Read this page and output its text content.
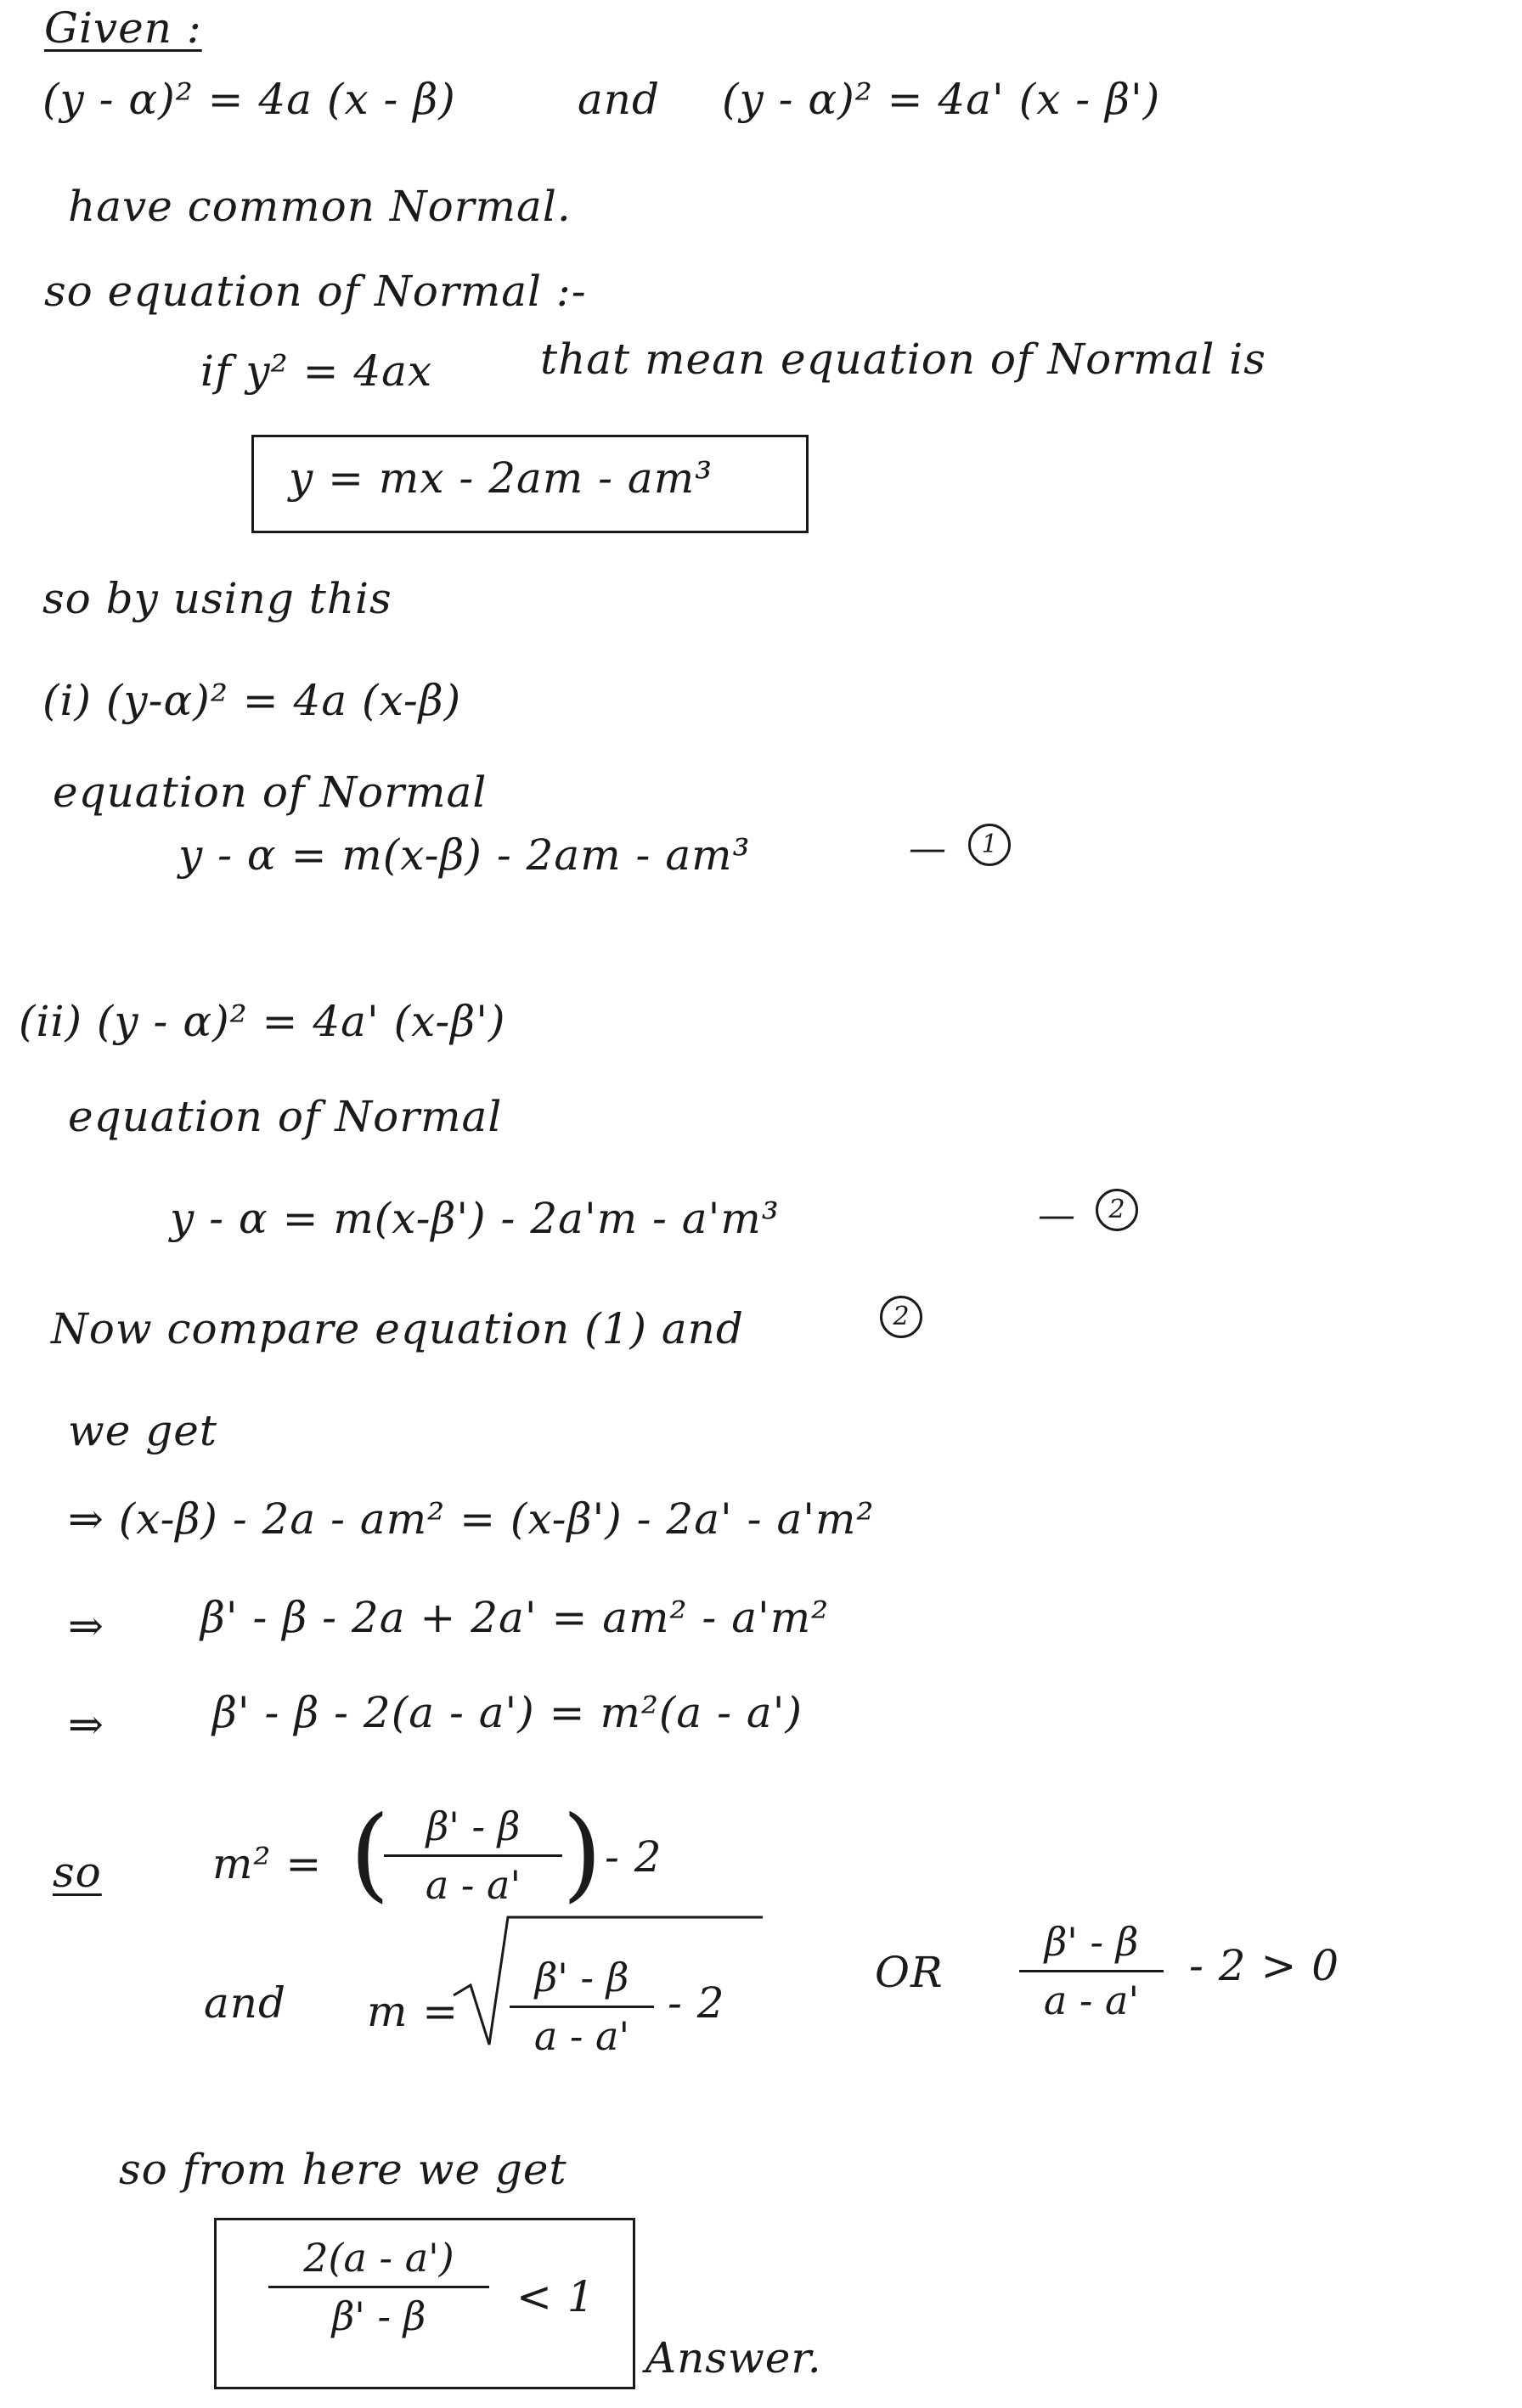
Given :
(y - α)² = 4a (x - β)	and (y - α)² = 4a' (x - β')
have common Normal.
so equation of Normal :-
if y² = 4ax	that mean equation of Normal is
y = mx - 2am - am³
so by using this
(i) (y-α)² = 4a (x-β)
equation of Normal
y - α = m(x-β) - 2am - am³	—	1
(ii) (y - α)² = 4a' (x-β')
equation of Normal
y - α = m(x-β') - 2a'm - a'm³	—	2
Now compare equation (1) and	2
we get
⇒ (x-β) - 2a - am² = (x-β') - 2a' - a'm²
⇒ β' - β - 2a + 2a' = am² - a'm²
⇒	β' - β - 2(a - a') = m²(a - a')
so	m² = ( β' - β
a - a' ) - 2
and m =
β' - β
a - a'
- 2
OR
β' - β
a - a'
- 2 > 0
so from here we get
2(a - a')
β' - β	< 1
Answer.
